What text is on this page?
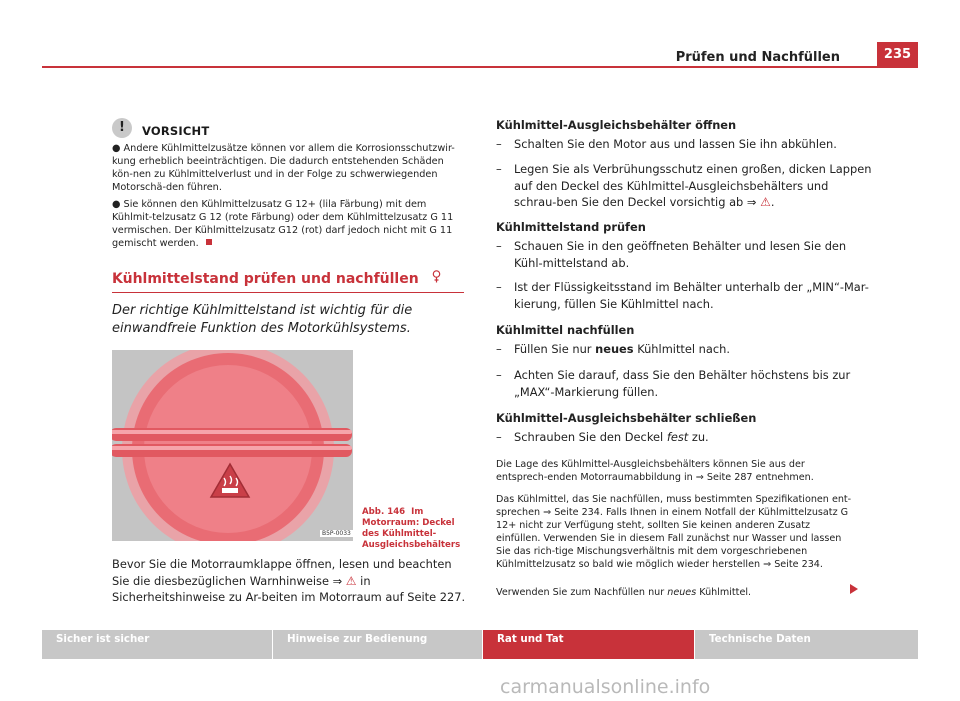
Prüfen und Nachfüllen	235
!	VORSICHT
● Andere Kühlmittelzusätze können vor allem die Korrosionsschutzwir-kung erheblich beeinträchtigen. Die dadurch entstehenden Schäden kön-nen zu Kühlmittelverlust und in der Folge zu schwerwiegenden Motorschä-den führen.
● Sie können den Kühlmittelzusatz G 12+ (lila Färbung) mit dem Kühlmit-telzusatz G 12 (rote Färbung) oder dem Kühlmittelzusatz G 11 vermischen. Der Kühlmittelzusatz G12 (rot) darf jedoch nicht mit G 11 gemischt werden.
Kühlmittelstand prüfen und nachfüllen
Der richtige Kühlmittelstand ist wichtig für die einwandfreie Funktion des Motorkühlsystems.
B5P-0033
Abb. 146 Im Motorraum: Deckel des Kühlmittel-Ausgleichsbehälters
Bevor Sie die Motorraumklappe öffnen, lesen und beachten Sie die diesbezüglichen Warnhinweise ⇒ ⚠ in Sicherheitshinweise zu Ar-beiten im Motorraum auf Seite 227.
Kühlmittel-Ausgleichsbehälter öffnen
– Schalten Sie den Motor aus und lassen Sie ihn abkühlen.
– Legen Sie als Verbrühungsschutz einen großen, dicken Lappen auf den Deckel des Kühlmittel-Ausgleichsbehälters und schrau-ben Sie den Deckel vorsichtig ab ⇒ ⚠.
Kühlmittelstand prüfen
– Schauen Sie in den geöffneten Behälter und lesen Sie den Kühl-mittelstand ab.
– Ist der Flüssigkeitsstand im Behälter unterhalb der „MIN“-Mar-kierung, füllen Sie Kühlmittel nach.
Kühlmittel nachfüllen
– Füllen Sie nur neues Kühlmittel nach.
– Achten Sie darauf, dass Sie den Behälter höchstens bis zur „MAX“-Markierung füllen.
Kühlmittel-Ausgleichsbehälter schließen
– Schrauben Sie den Deckel fest zu.
Die Lage des Kühlmittel-Ausgleichsbehälters können Sie aus der entsprech-enden Motorraumabbildung in ⇒ Seite 287 entnehmen.
Das Kühlmittel, das Sie nachfüllen, muss bestimmten Spezifikationen ent-sprechen ⇒ Seite 234. Falls Ihnen in einem Notfall der Kühlmittelzusatz G 12+ nicht zur Verfügung steht, sollten Sie keinen anderen Zusatz einfüllen. Verwenden Sie in diesem Fall zunächst nur Wasser und lassen Sie das rich-tige Mischungsverhältnis mit dem vorgeschriebenen Kühlmittelzusatz so bald wie möglich wieder herstellen ⇒ Seite 234.
Verwenden Sie zum Nachfüllen nur neues Kühlmittel.
Sicher ist sicher	Hinweise zur Bedienung	Rat und Tat	Technische Daten
carmanualsonline.info
